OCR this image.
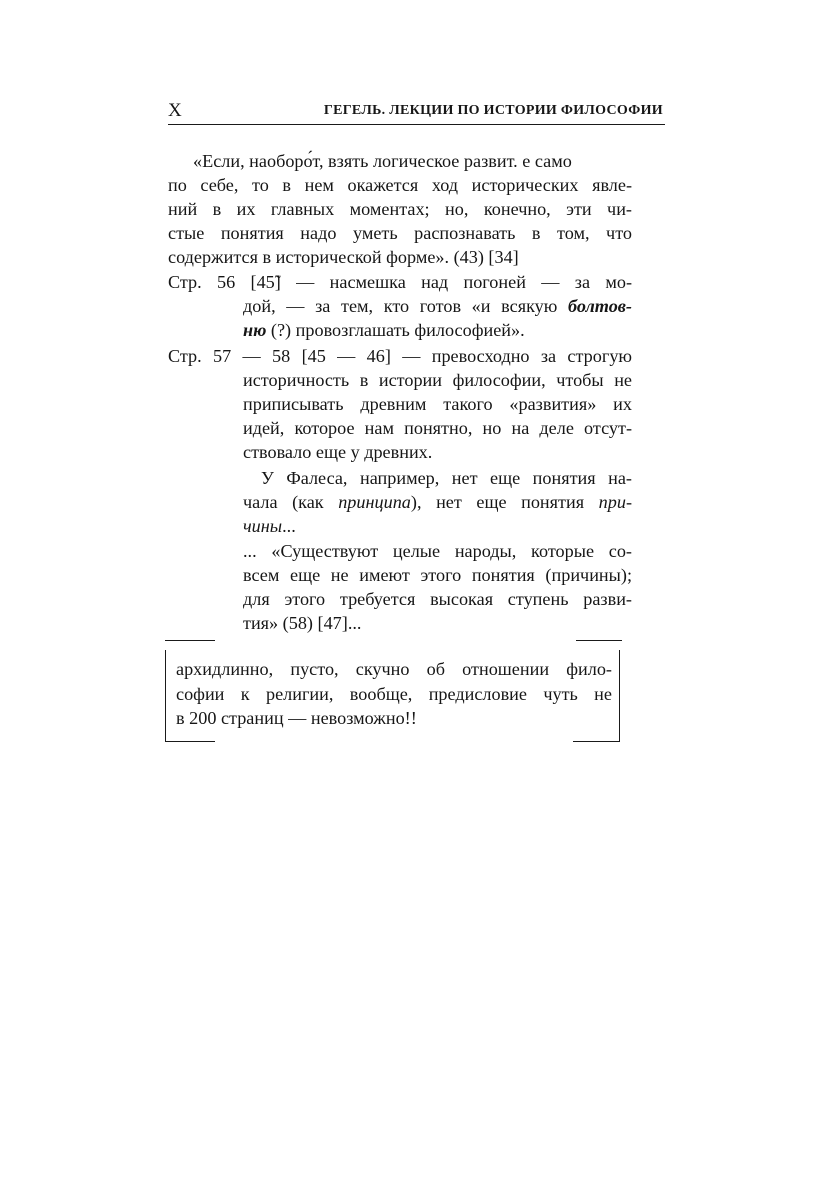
X	ГЕГЕЛЬ. ЛЕКЦИИ ПО ИСТОРИИ ФИЛОСОФИИ
«Если, наоборо́т, взять логическое развит. е само
по себе, то в нем окажется ход исторических явле-
ний в их главных моментах; но, конечно, эти чи-
стые понятия надо уметь распознавать в том, что
содержится в исторической форме». (43) [34]
Стр. 56 [45̃] — насмешка над погоней — за мо-
дой, — за тем, кто готов «и всякую болтов-
ню (?) провозглашать философией».
Стр. 57 — 58 [45 — 46] — превосходно за строгую
историчность в истории философии, чтобы не
приписывать древним такого «развития» их
идей, которое нам понятно, но на деле отсут-
ствовало еще у древних.
У Фалеса, например, нет еще понятия на-
чала (как принципа), нет еще понятия при-
чины...
... «Существуют целые народы, которые со-
всем еще не имеют этого понятия (причины);
для этого требуется высокая ступень разви-
тия» (58) [47]...
архидлинно, пусто, скучно об отношении фило-
софии к религии, вообще, предисловие чуть не
в 200 страниц — невозможно!!
